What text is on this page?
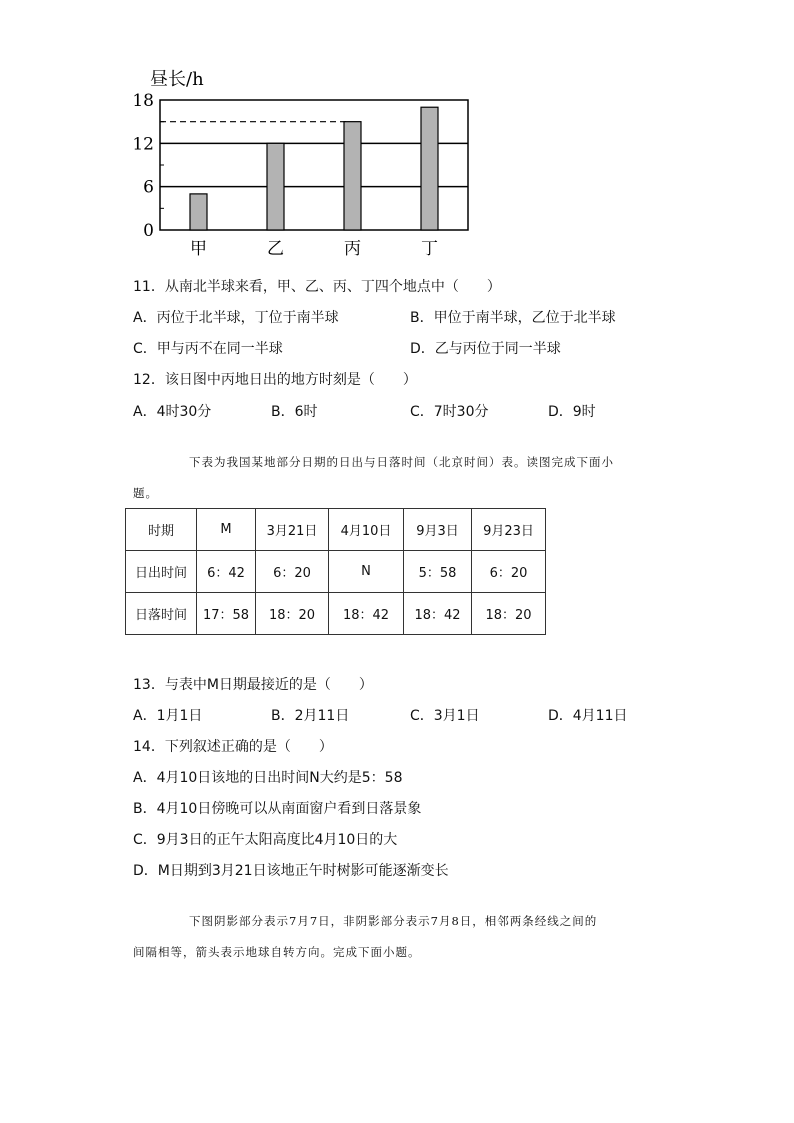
昼长/h
0
6
12
18
甲	乙	丙	丁
11．从南北半球来看，甲、乙、丙、丁四个地点中（　　）
A．丙位于北半球，丁位于南半球	B．甲位于南半球，乙位于北半球
C．甲与丙不在同一半球	D．乙与丙位于同一半球
12．该日图中丙地日出的地方时刻是（　　）
A．4时30分	B．6时	C．7时30分	D．9时
下表为我国某地部分日期的日出与日落时间（北京时间）表。读图完成下面小
题。
时期	M	3月21日	4月10日	9月3日	9月23日
日出时间	6：42	6：20	N	5：58	6：20
日落时间	17：58	18：20	18：42	18：42	18：20
13．与表中M日期最接近的是（　　）
A．1月1日	B．2月11日	C．3月1日	D．4月11日
14．下列叙述正确的是（　　）
A．4月10日该地的日出时间N大约是5：58
B．4月10日傍晚可以从南面窗户看到日落景象
C．9月3日的正午太阳高度比4月10日的大
D．M日期到3月21日该地正午时树影可能逐渐变长
下图阴影部分表示7月7日，非阴影部分表示7月8日，相邻两条经线之间的
间隔相等，箭头表示地球自转方向。完成下面小题。
